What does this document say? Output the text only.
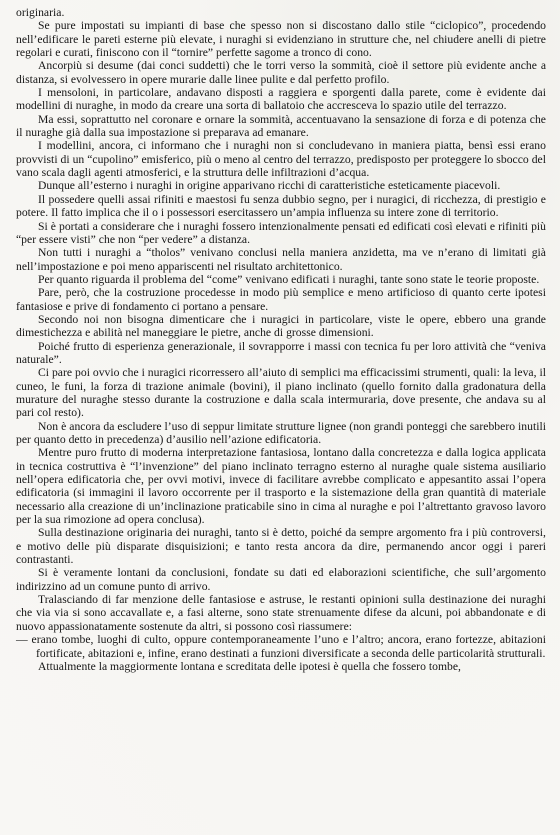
originaria.

Se pure impostati su impianti di base che spesso non si discostano dallo stile “ciclopico”, procedendo nell’edificare le pareti esterne più elevate, i nuraghi si evidenziano in strutture che, nel chiudere anelli di pietre regolari e curati, finiscono con il “tornire” perfette sagome a tronco di cono.

Ancorpiù si desume (dai conci suddetti) che le torri verso la sommità, cioè il settore più evidente anche a distanza, si evolvessero in opere murarie dalle linee pulite e dal perfetto profilo.

I mensoloni, in particolare, andavano disposti a raggiera e sporgenti dalla parete, come è evidente dai modellini di nuraghe, in modo da creare una sorta di ballatoio che accresceva lo spazio utile del terrazzo.

Ma essi, soprattutto nel coronare e ornare la sommità, accentuavano la sensazione di forza e di potenza che il nuraghe già dalla sua impostazione si preparava ad emanare.

I modellini, ancora, ci informano che i nuraghi non si concludevano in maniera piatta, bensì essi erano provvisti di un “cupolino” emisferico, più o meno al centro del terrazzo, predisposto per proteggere lo sbocco del vano scala dagli agenti atmosferici, e la struttura delle infiltrazioni d’acqua.

Dunque all’esterno i nuraghi in origine apparivano ricchi di caratteristiche esteticamente piacevoli.

Il possedere quelli assai rifiniti e maestosi fu senza dubbio segno, per i nuragici, di ricchezza, di prestigio e potere. Il fatto implica che il o i possessori esercitassero un’ampia influenza su intere zone di territorio.

Si è portati a considerare che i nuraghi fossero intenzionalmente pensati ed edificati così elevati e rifiniti più “per essere visti” che non “per vedere” a distanza.

Non tutti i nuraghi a “tholos” venivano conclusi nella maniera anzidetta, ma ve n’erano di limitati già nell’impostazione e poi meno appariscenti nel risultato architettonico.

Per quanto riguarda il problema del “come” venivano edificati i nuraghi, tante sono state le teorie proposte.

Pare, però, che la costruzione procedesse in modo più semplice e meno artificioso di quanto certe ipotesi fantasiose e prive di fondamento ci portano a pensare.

Secondo noi non bisogna dimenticare che i nuragici in particolare, viste le opere, ebbero una grande dimestichezza e abilità nel maneggiare le pietre, anche di grosse dimensioni.

Poiché frutto di esperienza generazionale, il sovrapporre i massi con tecnica fu per loro attività che “veniva naturale”.

Ci pare poi ovvio che i nuragici ricorressero all’aiuto di semplici ma efficacissimi strumenti, quali: la leva, il cuneo, le funi, la forza di trazione animale (bovini), il piano inclinato (quello fornito dalla gradonatura della murature del nuraghe stesso durante la costruzione e dalla scala intermuraria, dove presente, che andava su al pari col resto).

Non è ancora da escludere l’uso di seppur limitate strutture lignee (non grandi ponteggi che sarebbero inutili per quanto detto in precedenza) d’ausilio nell’azione edificatoria.

Mentre puro frutto di moderna interpretazione fantasiosa, lontano dalla concretezza e dalla logica applicata in tecnica costruttiva è “l’invenzione” del piano inclinato terragno esterno al nuraghe quale sistema ausiliario nell’opera edificatoria che, per ovvi motivi, invece di facilitare avrebbe complicato e appesantito assai l’opera edificatoria (si immagini il lavoro occorrente per il trasporto e la sistemazione della gran quantità di materiale necessario alla creazione di un’inclinazione praticabile sino in cima al nuraghe e poi l’altrettanto gravoso lavoro per la sua rimozione ad opera conclusa).

Sulla destinazione originaria dei nuraghi, tanto si è detto, poiché da sempre argomento fra i più controversi, e motivo delle più disparate disquisizioni; e tanto resta ancora da dire, permanendo ancor oggi i pareri contrastanti.

Si è veramente lontani da conclusioni, fondate su dati ed elaborazioni scientifiche, che sull’argomento indirizzino ad un comune punto di arrivo.

Tralasciando di far menzione delle fantasiose e astruse, le restanti opinioni sulla destinazione dei nuraghi che via via si sono accavallate e, a fasi alterne, sono state strenuamente difese da alcuni, poi abbandonate e di nuovo appassionatamente sostenute da altri, si possono così riassumere:

— erano tombe, luoghi di culto, oppure contemporaneamente l’uno e l’altro; ancora, erano fortezze, abitazioni fortificate, abitazioni e, infine, erano destinati a funzioni diversificate a seconda delle particolarità strutturali.

Attualmente la maggiormente lontana e screditata delle ipotesi è quella che fossero tombe,
